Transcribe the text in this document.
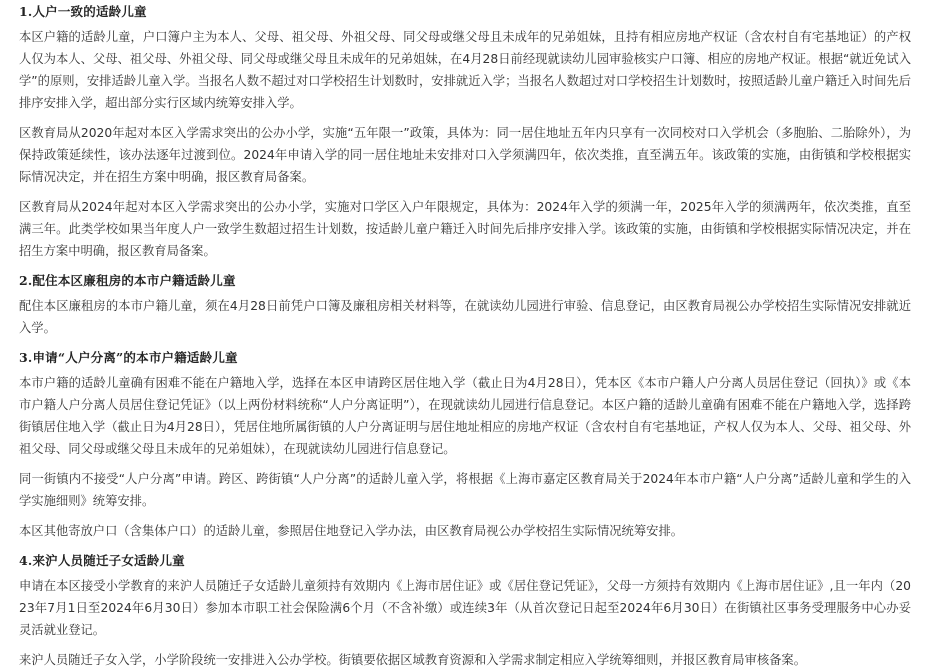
1.人户一致的适龄儿童

本区户籍的适龄儿童，户口簿户主为本人、父母、祖父母、外祖父母、同父母或继父母且未成年的兄弟姐妹，且持有相应房地产权证（含农村自有宅基地证）的产权人仅为本人、父母、祖父母、外祖父母、同父母或继父母且未成年的兄弟姐妹，在4月28日前经现就读幼儿园审验核实户口簿、相应的房地产权证。根据“就近免试入学”的原则，安排适龄儿童入学。当报名人数不超过对口学校招生计划数时，安排就近入学；当报名人数超过对口学校招生计划数时，按照适龄儿童户籍迁入时间先后排序安排入学，超出部分实行区域内统筹安排入学。

区教育局从2020年起对本区入学需求突出的公办小学，实施“五年限一”政策，具体为：同一居住地址五年内只享有一次同校对口入学机会（多胞胎、二胎除外），为保持政策延续性，该办法逐年过渡到位。2024年申请入学的同一居住地址未安排对口入学须满四年，依次类推，直至满五年。该政策的实施，由街镇和学校根据实际情况决定，并在招生方案中明确，报区教育局备案。

区教育局从2024年起对本区入学需求突出的公办小学，实施对口学区入户年限规定，具体为：2024年入学的须满一年，2025年入学的须满两年，依次类推，直至满三年。此类学校如果当年度人户一致学生数超过招生计划数，按适龄儿童户籍迁入时间先后排序安排入学。该政策的实施，由街镇和学校根据实际情况决定，并在招生方案中明确，报区教育局备案。

2.配住本区廉租房的本市户籍适龄儿童

配住本区廉租房的本市户籍儿童，须在4月28日前凭户口簿及廉租房相关材料等，在就读幼儿园进行审验、信息登记，由区教育局视公办学校招生实际情况安排就近入学。

3.申请“人户分离”的本市户籍适龄儿童

本市户籍的适龄儿童确有困难不能在户籍地入学，选择在本区申请跨区居住地入学（截止日为4月28日），凭本区《本市户籍人户分离人员居住登记（回执）》或《本市户籍人户分离人员居住登记凭证》（以上两份材料统称“人户分离证明”），在现就读幼儿园进行信息登记。本区户籍的适龄儿童确有困难不能在户籍地入学，选择跨街镇居住地入学（截止日为4月28日），凭居住地所属街镇的人户分离证明与居住地址相应的房地产权证（含农村自有宅基地证，产权人仅为本人、父母、祖父母、外祖父母、同父母或继父母且未成年的兄弟姐妹），在现就读幼儿园进行信息登记。

同一街镇内不接受“人户分离”申请。跨区、跨街镇“人户分离”的适龄儿童入学，将根据《上海市嘉定区教育局关于2024年本市户籍“人户分离”适龄儿童和学生的入学实施细则》统筹安排。

本区其他寄放户口（含集体户口）的适龄儿童，参照居住地登记入学办法，由区教育局视公办学校招生实际情况统筹安排。

4.来沪人员随迁子女适龄儿童

申请在本区接受小学教育的来沪人员随迁子女适龄儿童须持有效期内《上海市居住证》或《居住登记凭证》，父母一方须持有效期内《上海市居住证》,且一年内（2023年7月1日至2024年6月30日）参加本市职工社会保险满6个月（不含补缴）或连续3年（从首次登记日起至2024年6月30日）在街镇社区事务受理服务中心办妥灵活就业登记。

来沪人员随迁子女入学，小学阶段统一安排进入公办学校。街镇要依据区域教育资源和入学需求制定相应入学统筹细则，并报区教育局审核备案。
